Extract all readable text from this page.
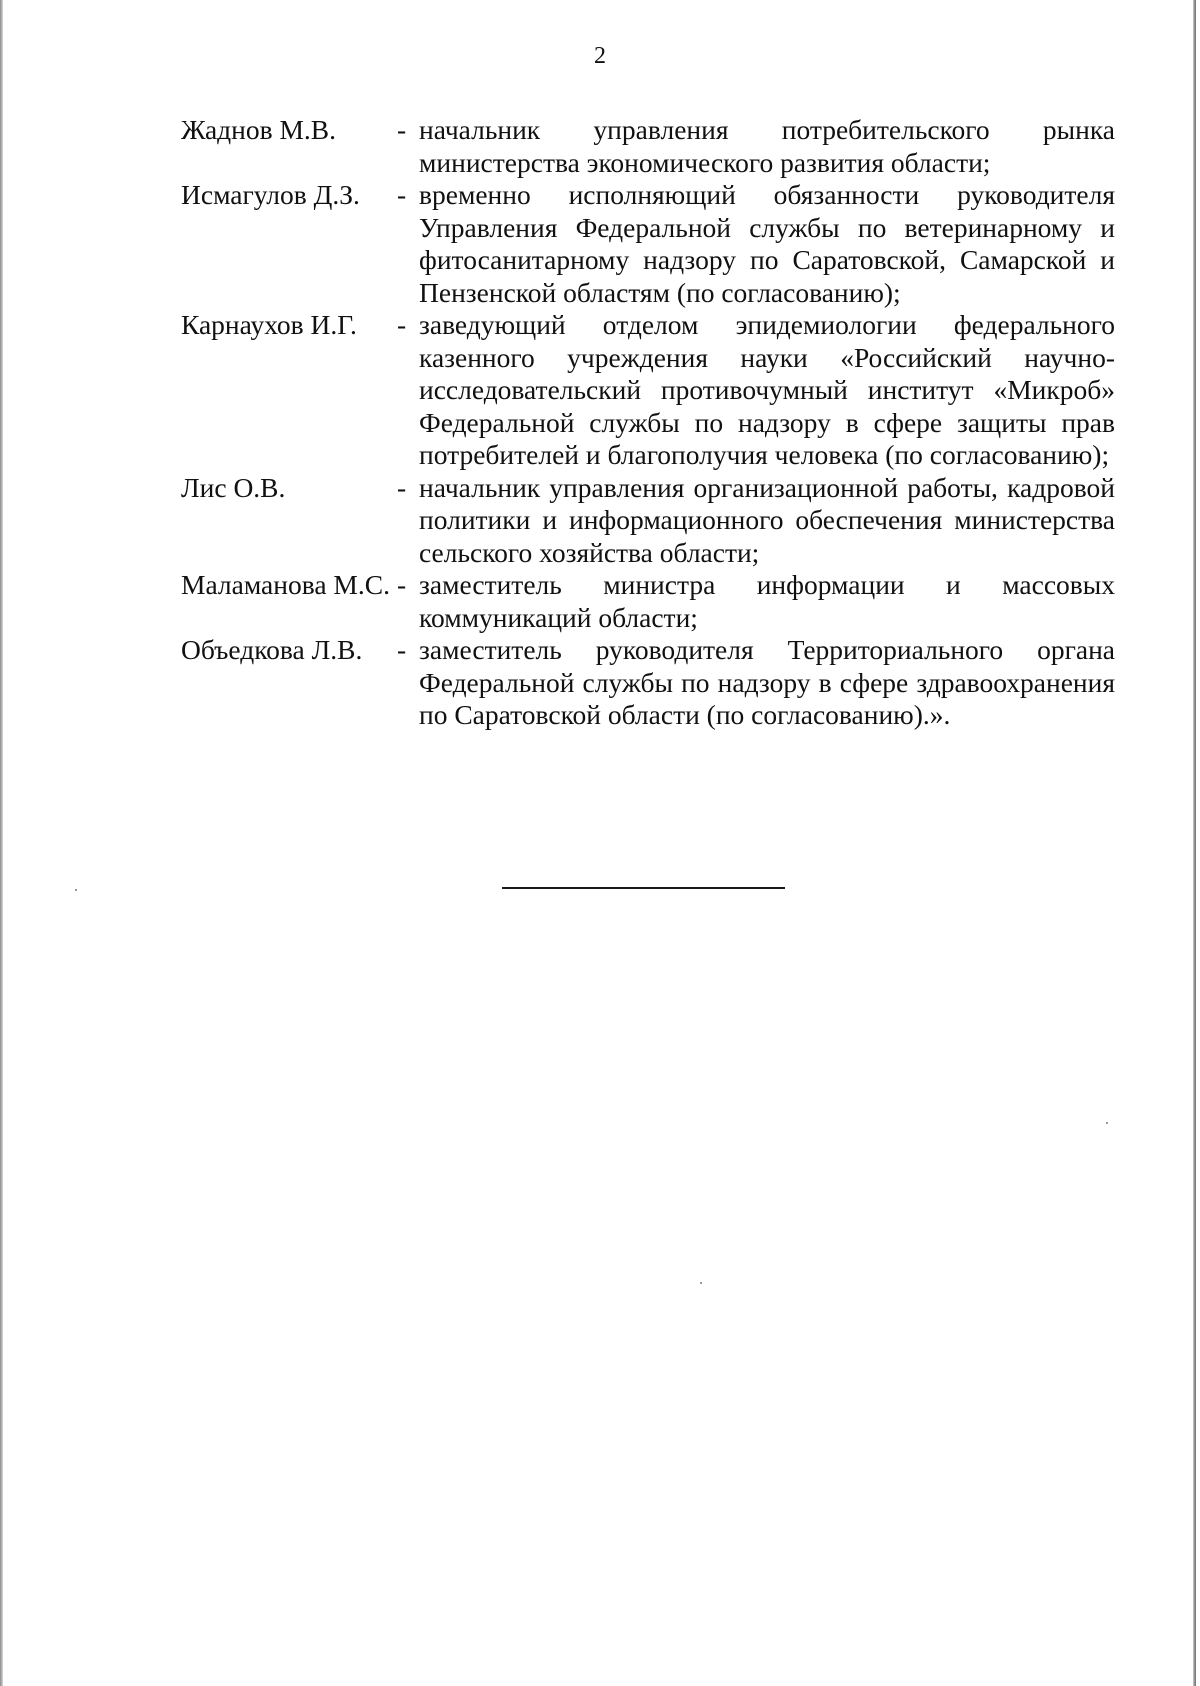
2
Жаднов М.В.	- начальник управления потребительского рынка министерства экономического развития области;
Исмагулов Д.З.	- временно исполняющий обязанности руководителя Управления Федеральной службы по ветеринарному и фитосанитарному надзору по Саратовской, Самарской и Пензенской областям (по согласованию);
Карнаухов И.Г.	- заведующий отделом эпидемиологии федерального казенного учреждения науки «Российский научно-исследовательский противочумный институт «Микроб» Федеральной службы по надзору в сфере защиты прав потребителей и благополучия человека (по согласованию);
Лис О.В.	- начальник управления организационной работы, кадровой политики и информационного обеспечения министерства сельского хозяйства области;
Маламанова М.С. - заместитель министра информации и массовых коммуникаций области;
Объедкова Л.В.	- заместитель руководителя Территориального органа Федеральной службы по надзору в сфере здравоохранения по Саратовской области (по согласованию).».
